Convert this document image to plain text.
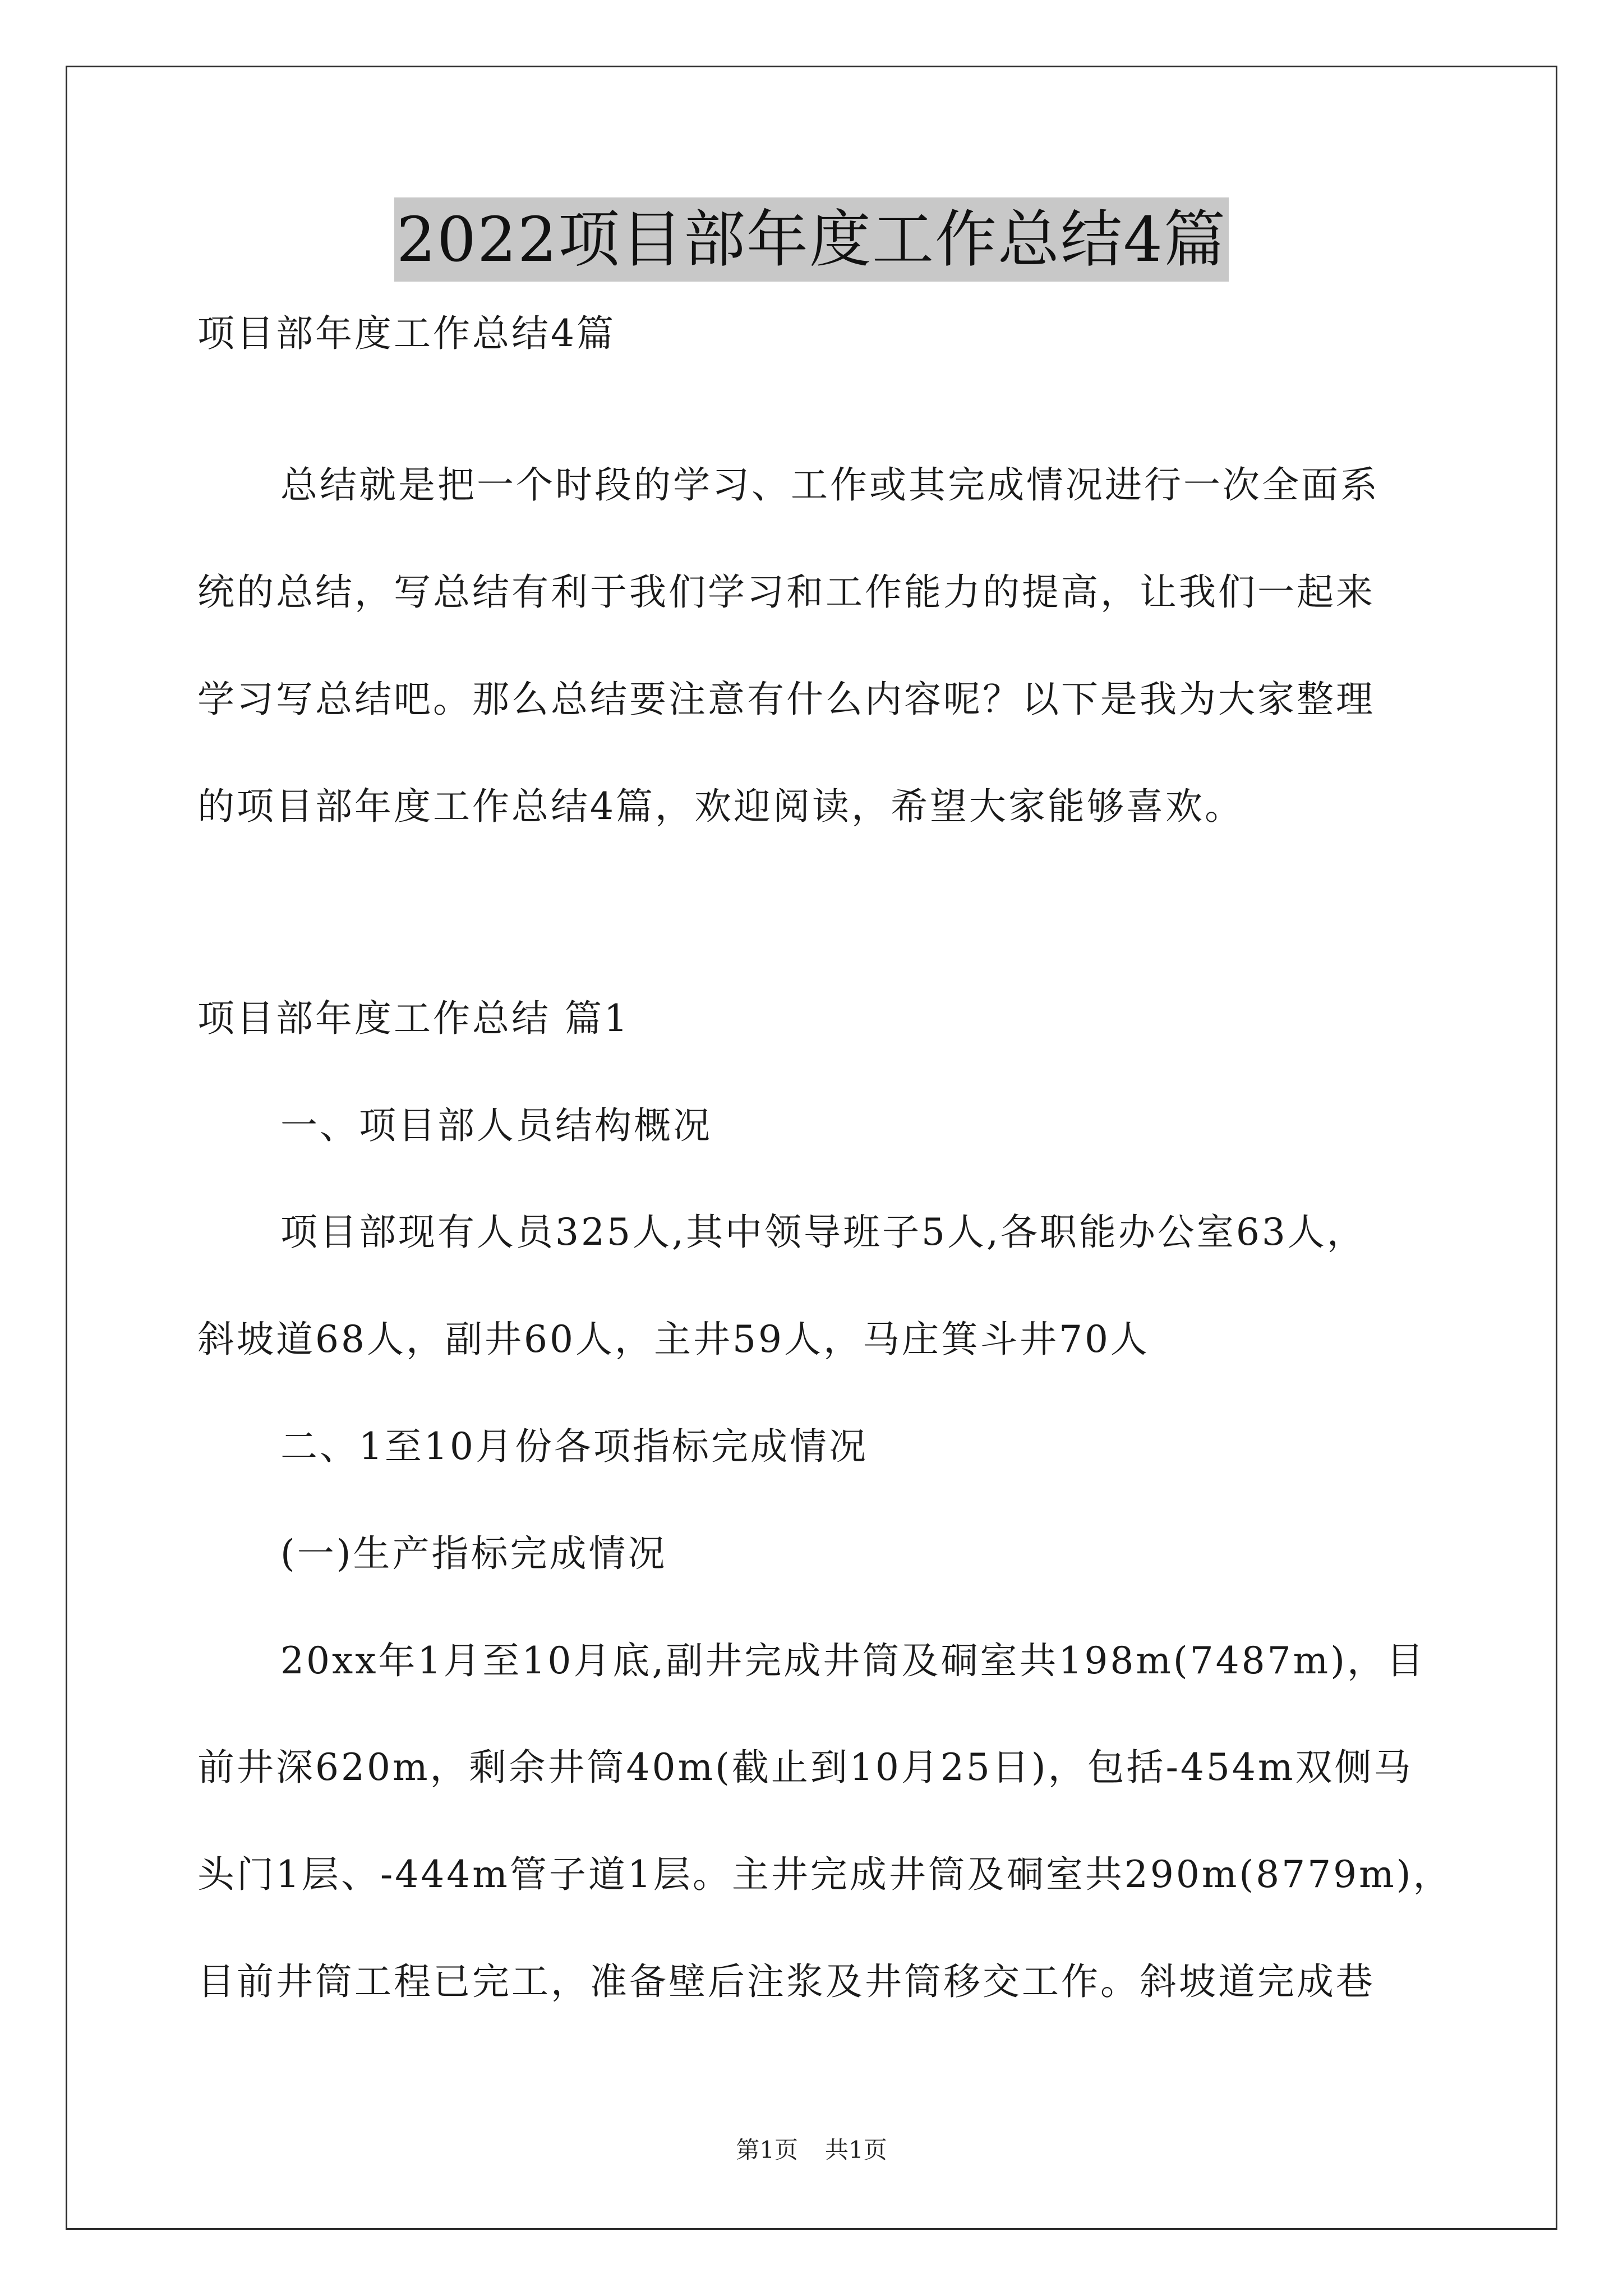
2022项目部年度工作总结4篇
项目部年度工作总结4篇
总结就是把一个时段的学习、工作或其完成情况进行一次全面系
统的总结，写总结有利于我们学习和工作能力的提高，让我们一起来
学习写总结吧。那么总结要注意有什么内容呢？以下是我为大家整理
的项目部年度工作总结4篇，欢迎阅读，希望大家能够喜欢。
项目部年度工作总结 篇1
一、项目部人员结构概况
项目部现有人员325人,其中领导班子5人,各职能办公室63人，
斜坡道68人，副井60人，主井59人，马庄箕斗井70人
二、1至10月份各项指标完成情况
(一)生产指标完成情况
20xx年1月至10月底,副井完成井筒及硐室共198m(7487m)，目
前井深620m，剩余井筒40m(截止到10月25日)，包括-454m双侧马
头门1层、-444m管子道1层。主井完成井筒及硐室共290m(8779m)，
目前井筒工程已完工，准备壁后注浆及井筒移交工作。斜坡道完成巷
第1页 共1页
